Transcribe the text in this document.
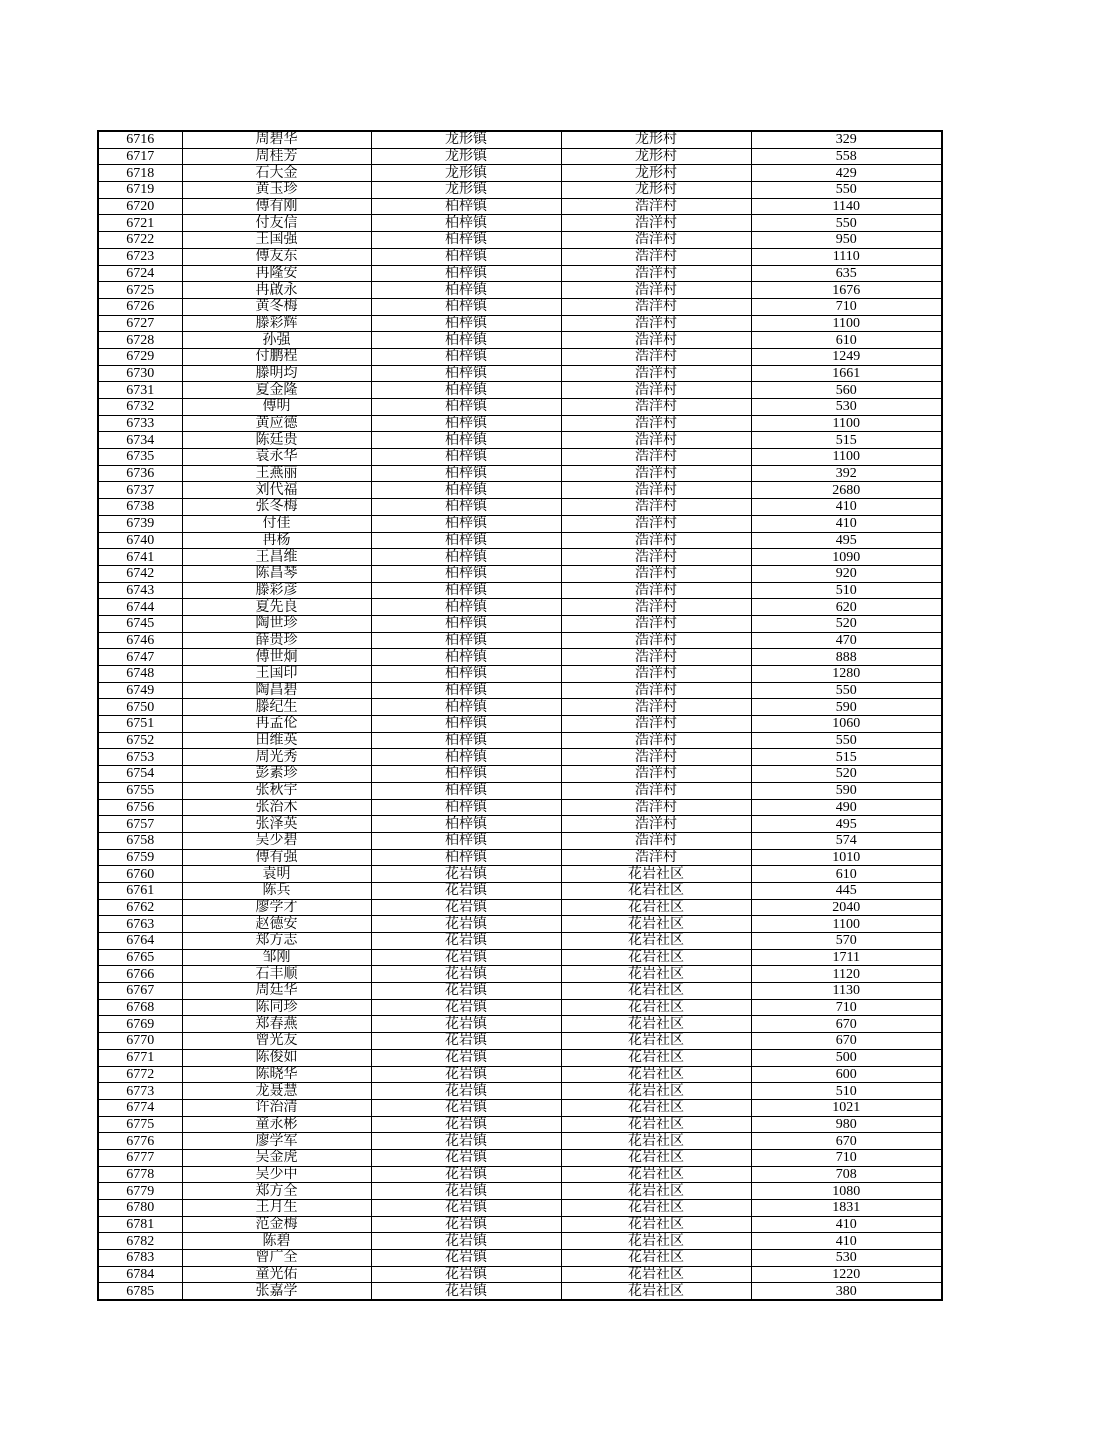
6716	周碧华	龙形镇	龙形村	329
6717	周桂芳	龙形镇	龙形村	558
6718	石大金	龙形镇	龙形村	429
6719	黄玉珍	龙形镇	龙形村	550
6720	傅有刚	柏梓镇	浩洋村	1140
6721	付友信	柏梓镇	浩洋村	550
6722	王国强	柏梓镇	浩洋村	950
6723	傅友东	柏梓镇	浩洋村	1110
6724	冉隆安	柏梓镇	浩洋村	635
6725	冉啟永	柏梓镇	浩洋村	1676
6726	黄冬梅	柏梓镇	浩洋村	710
6727	滕彩辉	柏梓镇	浩洋村	1100
6728	孙强	柏梓镇	浩洋村	610
6729	付鹏程	柏梓镇	浩洋村	1249
6730	滕明均	柏梓镇	浩洋村	1661
6731	夏金隆	柏梓镇	浩洋村	560
6732	傅明	柏梓镇	浩洋村	530
6733	黄应德	柏梓镇	浩洋村	1100
6734	陈廷贵	柏梓镇	浩洋村	515
6735	袁永华	柏梓镇	浩洋村	1100
6736	王燕丽	柏梓镇	浩洋村	392
6737	刘代福	柏梓镇	浩洋村	2680
6738	张冬梅	柏梓镇	浩洋村	410
6739	付佳	柏梓镇	浩洋村	410
6740	冉杨	柏梓镇	浩洋村	495
6741	王昌维	柏梓镇	浩洋村	1090
6742	陈昌琴	柏梓镇	浩洋村	920
6743	滕彩彦	柏梓镇	浩洋村	510
6744	夏先良	柏梓镇	浩洋村	620
6745	陶世珍	柏梓镇	浩洋村	520
6746	薛贵珍	柏梓镇	浩洋村	470
6747	傅世炯	柏梓镇	浩洋村	888
6748	王国印	柏梓镇	浩洋村	1280
6749	陶昌碧	柏梓镇	浩洋村	550
6750	滕纪生	柏梓镇	浩洋村	590
6751	冉孟伦	柏梓镇	浩洋村	1060
6752	田维英	柏梓镇	浩洋村	550
6753	周光秀	柏梓镇	浩洋村	515
6754	彭素珍	柏梓镇	浩洋村	520
6755	张秋宇	柏梓镇	浩洋村	590
6756	张治木	柏梓镇	浩洋村	490
6757	张泽英	柏梓镇	浩洋村	495
6758	吴少碧	柏梓镇	浩洋村	574
6759	傅有强	柏梓镇	浩洋村	1010
6760	袁明	花岩镇	花岩社区	610
6761	陈兵	花岩镇	花岩社区	445
6762	廖学才	花岩镇	花岩社区	2040
6763	赵德安	花岩镇	花岩社区	1100
6764	郑方志	花岩镇	花岩社区	570
6765	邹刚	花岩镇	花岩社区	1711
6766	石丰顺	花岩镇	花岩社区	1120
6767	周廷华	花岩镇	花岩社区	1130
6768	陈同珍	花岩镇	花岩社区	710
6769	郑春燕	花岩镇	花岩社区	670
6770	曾光友	花岩镇	花岩社区	670
6771	陈俊如	花岩镇	花岩社区	500
6772	陈晓华	花岩镇	花岩社区	600
6773	龙聂慧	花岩镇	花岩社区	510
6774	许治清	花岩镇	花岩社区	1021
6775	童永彬	花岩镇	花岩社区	980
6776	廖学军	花岩镇	花岩社区	670
6777	吴金虎	花岩镇	花岩社区	710
6778	吴少中	花岩镇	花岩社区	708
6779	郑方全	花岩镇	花岩社区	1080
6780	王月生	花岩镇	花岩社区	1831
6781	范金梅	花岩镇	花岩社区	410
6782	陈碧	花岩镇	花岩社区	410
6783	曾广全	花岩镇	花岩社区	530
6784	童光佑	花岩镇	花岩社区	1220
6785	张嘉学	花岩镇	花岩社区	380
